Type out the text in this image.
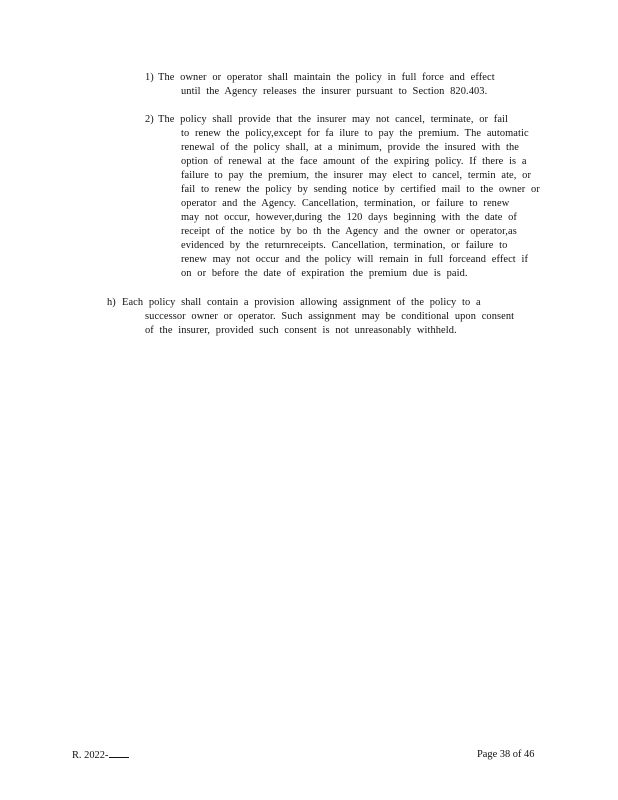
1) The owner or operator shall maintain the policy in full force and effect
until the Agency releases the insurer pursuant to Section 820.403.
2) The policy shall provide that the insurer may not cancel, terminate, or fail
to renew the policy,except for fa ilure to pay the premium. The automatic
renewal of the policy shall, at a minimum, provide the insured with the
option of renewal at the face amount of the expiring policy. If there is a
failure to pay the premium, the insurer may elect to cancel, termin ate, or
fail to renew the policy by sending notice by certified mail to the owner or
operator and the Agency. Cancellation, termination, or failure to renew
may not occur, however,during the 120 days beginning with the date of
receipt of the notice by bo th the Agency and the owner or operator,as
evidenced by the returnreceipts. Cancellation, termination, or failure to
renew may not occur and the policy will remain in full forceand effect if
on or before the date of expiration the premium due is paid.
h) Each policy shall contain a provision allowing assignment of the policy to a
successor owner or operator. Such assignment may be conditional upon consent
of the insurer, provided such consent is not unreasonably withheld.
R. 2022-	Page 38 of 46
